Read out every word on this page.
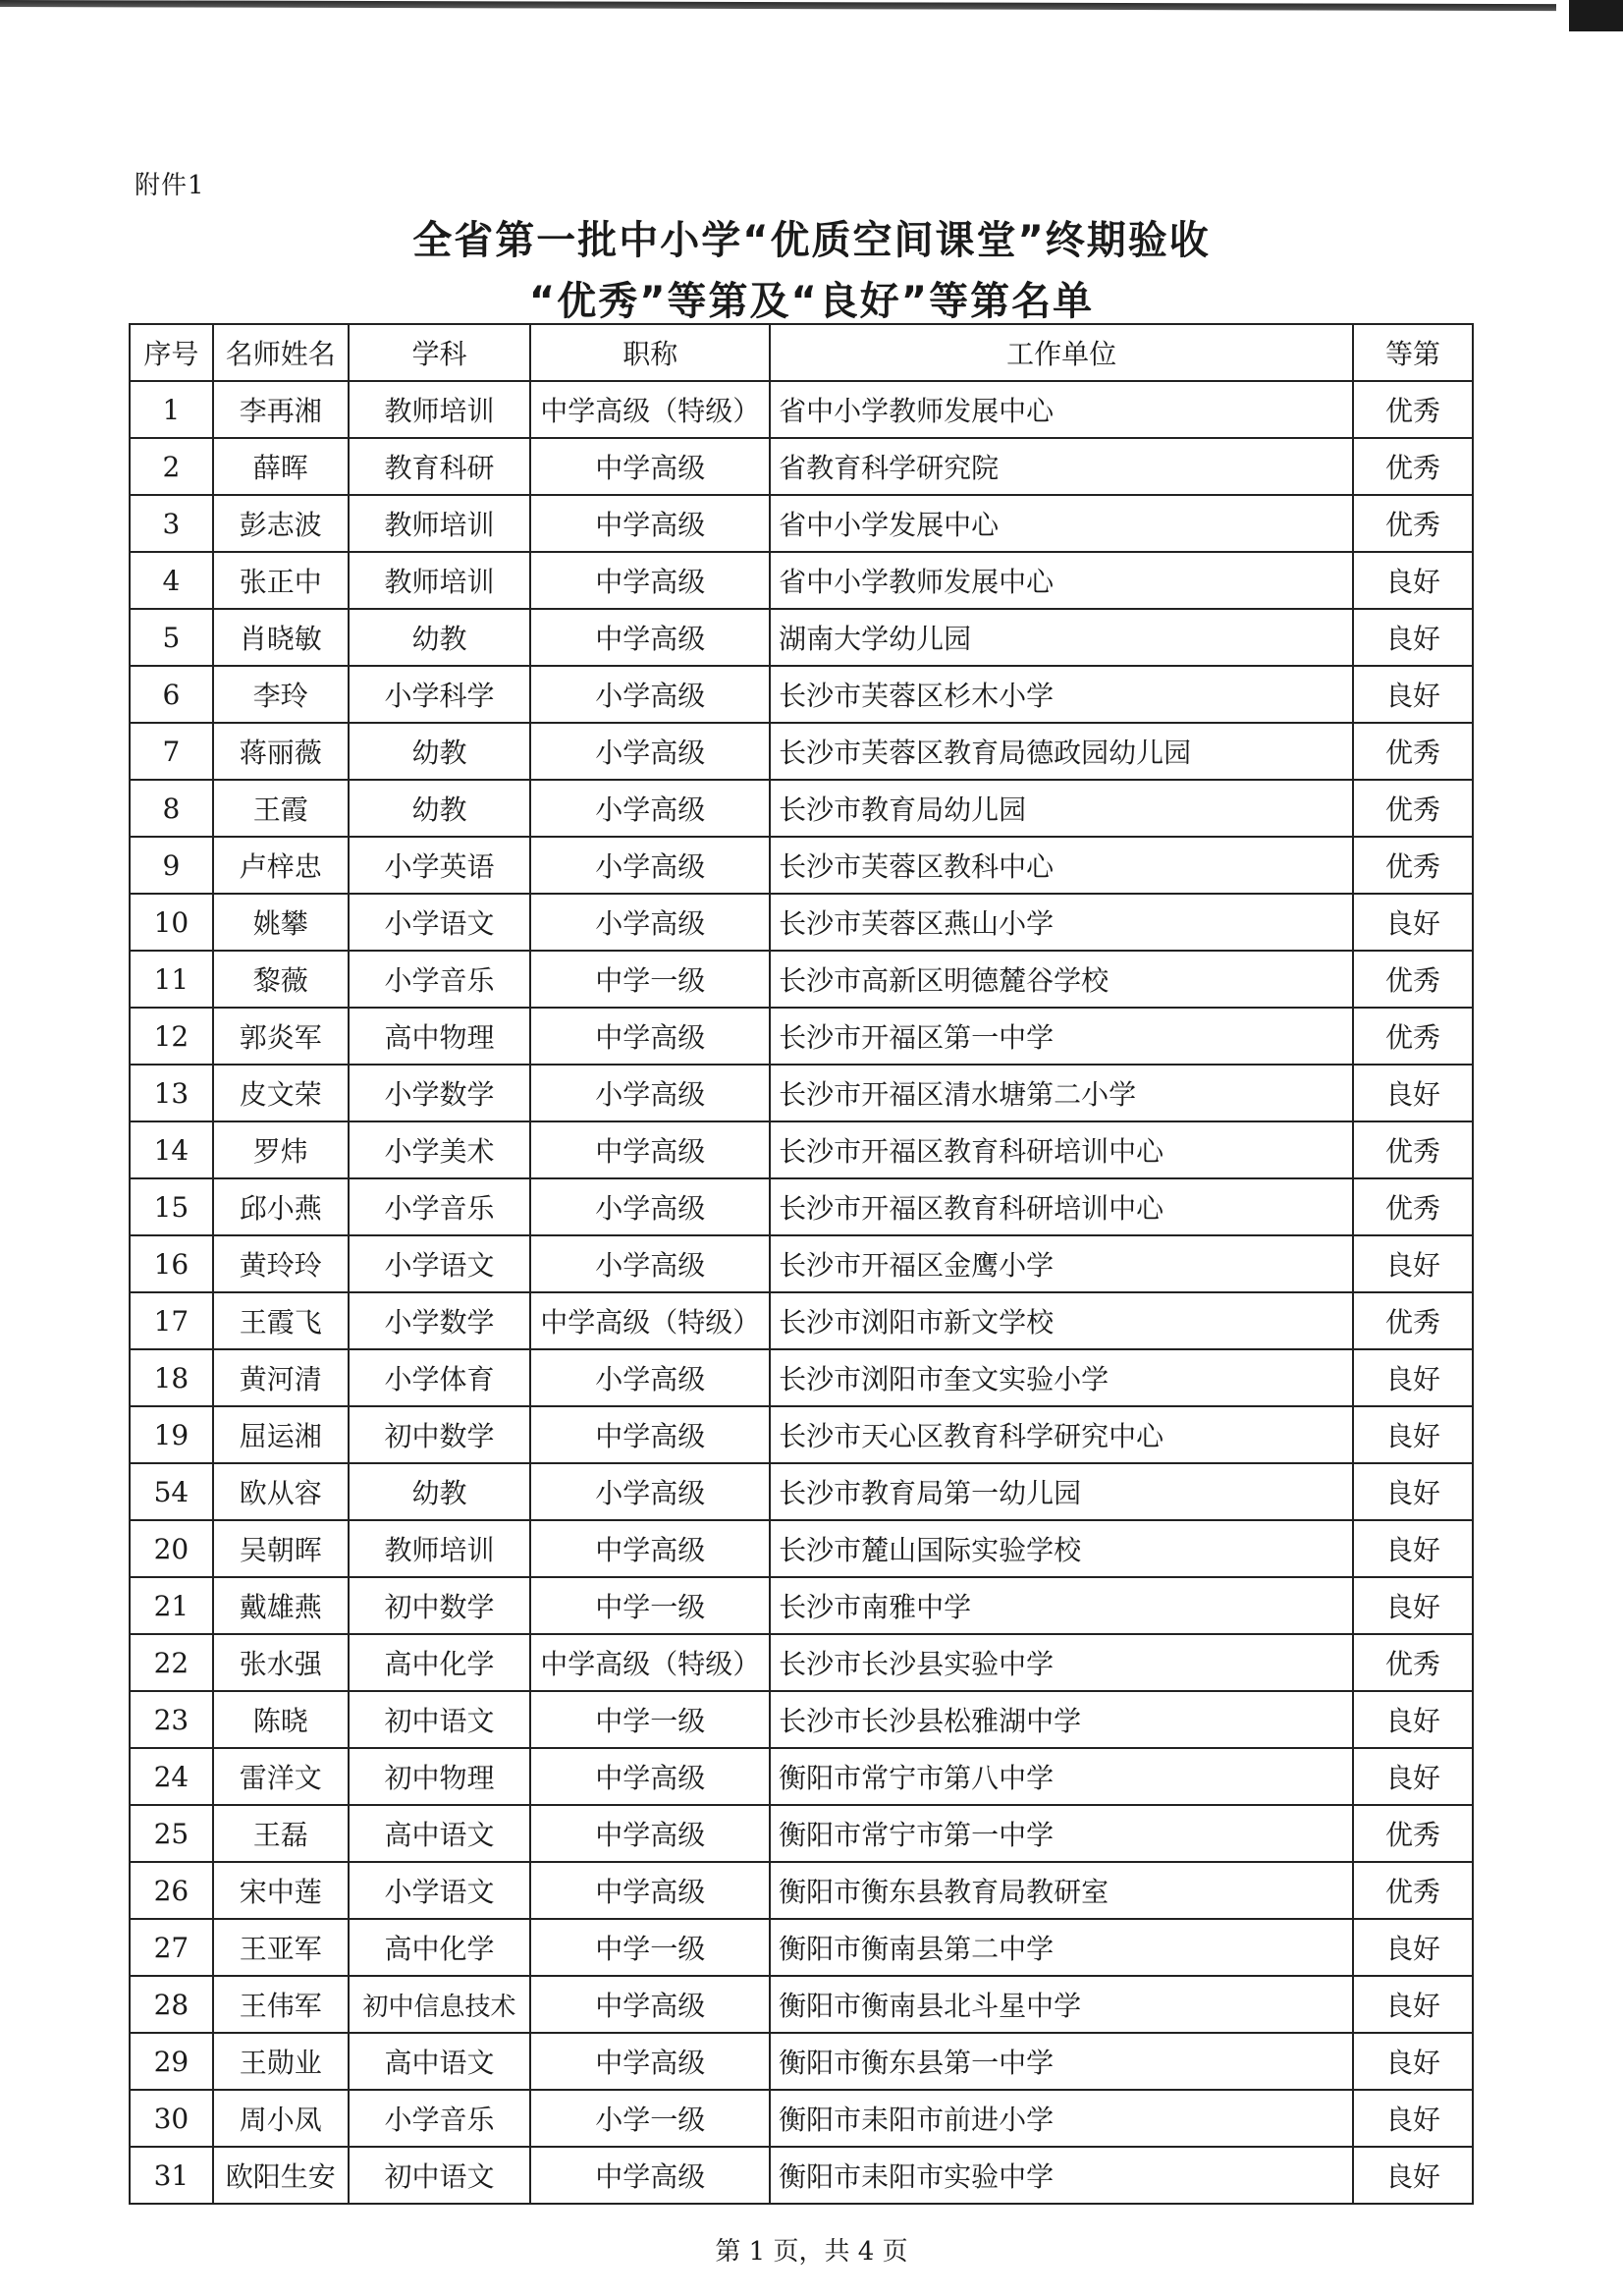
附件1
全省第一批中小学“优质空间课堂”终期验收
“优秀”等第及“良好”等第名单
序号	名师姓名	学科	职称	工作单位	等第
1	李再湘	教师培训	中学高级（特级）	省中小学教师发展中心	优秀
2	薛晖	教育科研	中学高级	省教育科学研究院	优秀
3	彭志波	教师培训	中学高级	省中小学发展中心	优秀
4	张正中	教师培训	中学高级	省中小学教师发展中心	良好
5	肖晓敏	幼教	中学高级	湖南大学幼儿园	良好
6	李玲	小学科学	小学高级	长沙市芙蓉区杉木小学	良好
7	蒋丽薇	幼教	小学高级	长沙市芙蓉区教育局德政园幼儿园	优秀
8	王霞	幼教	小学高级	长沙市教育局幼儿园	优秀
9	卢梓忠	小学英语	小学高级	长沙市芙蓉区教科中心	优秀
10	姚攀	小学语文	小学高级	长沙市芙蓉区燕山小学	良好
11	黎薇	小学音乐	中学一级	长沙市高新区明德麓谷学校	优秀
12	郭炎军	高中物理	中学高级	长沙市开福区第一中学	优秀
13	皮文荣	小学数学	小学高级	长沙市开福区清水塘第二小学	良好
14	罗炜	小学美术	中学高级	长沙市开福区教育科研培训中心	优秀
15	邱小燕	小学音乐	小学高级	长沙市开福区教育科研培训中心	优秀
16	黄玲玲	小学语文	小学高级	长沙市开福区金鹰小学	良好
17	王霞飞	小学数学	中学高级（特级）	长沙市浏阳市新文学校	优秀
18	黄河清	小学体育	小学高级	长沙市浏阳市奎文实验小学	良好
19	屈运湘	初中数学	中学高级	长沙市天心区教育科学研究中心	良好
54	欧从容	幼教	小学高级	长沙市教育局第一幼儿园	良好
20	吴朝晖	教师培训	中学高级	长沙市麓山国际实验学校	良好
21	戴雄燕	初中数学	中学一级	长沙市南雅中学	良好
22	张水强	高中化学	中学高级（特级）	长沙市长沙县实验中学	优秀
23	陈晓	初中语文	中学一级	长沙市长沙县松雅湖中学	良好
24	雷洋文	初中物理	中学高级	衡阳市常宁市第八中学	良好
25	王磊	高中语文	中学高级	衡阳市常宁市第一中学	优秀
26	宋中莲	小学语文	中学高级	衡阳市衡东县教育局教研室	优秀
27	王亚军	高中化学	中学一级	衡阳市衡南县第二中学	良好
28	王伟军	初中信息技术	中学高级	衡阳市衡南县北斗星中学	良好
29	王勋业	高中语文	中学高级	衡阳市衡东县第一中学	良好
30	周小凤	小学音乐	小学一级	衡阳市耒阳市前进小学	良好
31	欧阳生安	初中语文	中学高级	衡阳市耒阳市实验中学	良好
第 1 页，共 4 页
